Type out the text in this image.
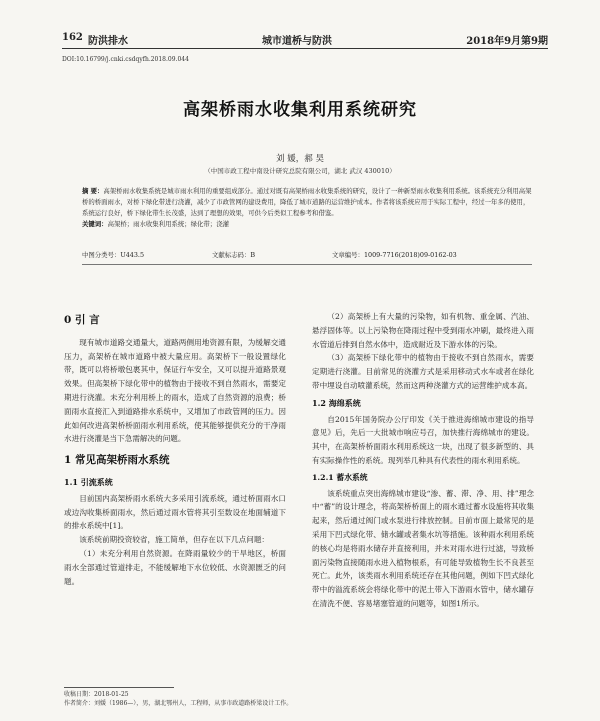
162 防洪排水	城市道桥与防洪	2018年9月第9期
DOI:10.16799/j.cnki.csdqyfh.2018.09.044
高架桥雨水收集利用系统研究
刘 媛，郝 昊
（中国市政工程中南设计研究总院有限公司，湖北 武汉 430010）
摘 要：高架桥雨水收集系统是城市雨水利用的重要组成部分。通过对既有高架桥雨水收集系统的研究，设计了一种新型雨水收集利用系统。该系统充分利用高架桥的桥面雨水，对桥下绿化带进行浇灌，减少了市政管网的建设费用，降低了城市道路的运营维护成本。作者将该系统应用于实际工程中，经过一年多的使用，系统运行良好，桥下绿化带生长茂盛，达到了理想的效果，可供今后类似工程参考和借鉴。
关键词：高架桥；雨水收集利用系统；绿化带；浇灌
中图分类号：U443.5	文献标志码：B	文章编号：1009-7716(2018)09-0162-03
0 引 言

现有城市道路交通量大，道路两侧用地资源有限，为缓解交通压力，高架桥在城市道路中被大量应用。高架桥下一般设置绿化带，既可以将桥墩包裹其中，保证行车安全，又可以提升道路景观效果。但高架桥下绿化带中的植物由于接收不到自然雨水，需要定期进行浇灌。未充分利用桥上的雨水，造成了自然资源的浪费；桥面雨水直接汇入到道路排水系统中，又增加了市政管网的压力。因此如何改进高架桥桥面雨水利用系统，使其能够提供充分的干净雨水进行浇灌是当下急需解决的问题。

1 常见高架桥雨水系统
1.1 引流系统

目前国内高架桥雨水系统大多采用引流系统，通过桥面雨水口或边沟收集桥面雨水，然后通过雨水管将其引至数设在地面辅道下的排水系统中[1]。

该系统前期投资较省，施工简单，但存在以下几点问题：

（1）未充分利用自然资源。在降雨量较少的干旱地区，桥面雨水全部通过管道排走，不能缓解地下水位较低、水资源匮乏的问题。

（2）高架桥上有大量的污染物，如有机物、重金属、汽油、悬浮固体等。以上污染物在降雨过程中受到雨水冲刷，最终进入雨水管道后排到自然水体中，造成耐近及下游水体的污染。

（3）高架桥下绿化带中的植物由于接收不到自然雨水，需要定期进行浇灌。目前常见的浇灌方式是采用移动式水车或者在绿化带中埋设自动喷灌系统，然而这两种浇灌方式的运营维护成本高。

1.2 海绵系统

自2015年国务院办公厅印发《关于推进海绵城市建设的指导意见》后，先后一大批城市响应号召，加快推行海绵城市的建设。其中，在高架桥桥面雨水利用系统这一块，出现了很多新型的、具有实际操作性的系统。现列举几种具有代表性的雨水利用系统。

1.2.1 蓄水系统

该系统重点突出海绵城市建设“渗、蓄、滞、净、用、排”理念中“蓄”的设计理念，将高架桥桥面上的雨水通过蓄水设施将其收集起来，然后通过阀门或水泵进行排放控制。目前市面上最常见的是采用下凹式绿化带、储水罐或者集水坑等措施。该种雨水利用系统的核心均是将雨水储存并直接利用，并未对雨水进行过滤，导致桥面污染物直接随雨水进入植物根系，有可能导致植物生长不良甚至死亡。此外，该类雨水利用系统还存在其他问题，例如下凹式绿化带中的溢流系统会将绿化带中的泥土带入下游雨水管中，储水罐存在清洗不便、容易堵塞管道的问题等，如图1所示。

收稿日期：2018-01-25
作者简介：刘媛（1986—），男，湖北鄂州人，工程师，从事市政道路桥梁设计工作。
